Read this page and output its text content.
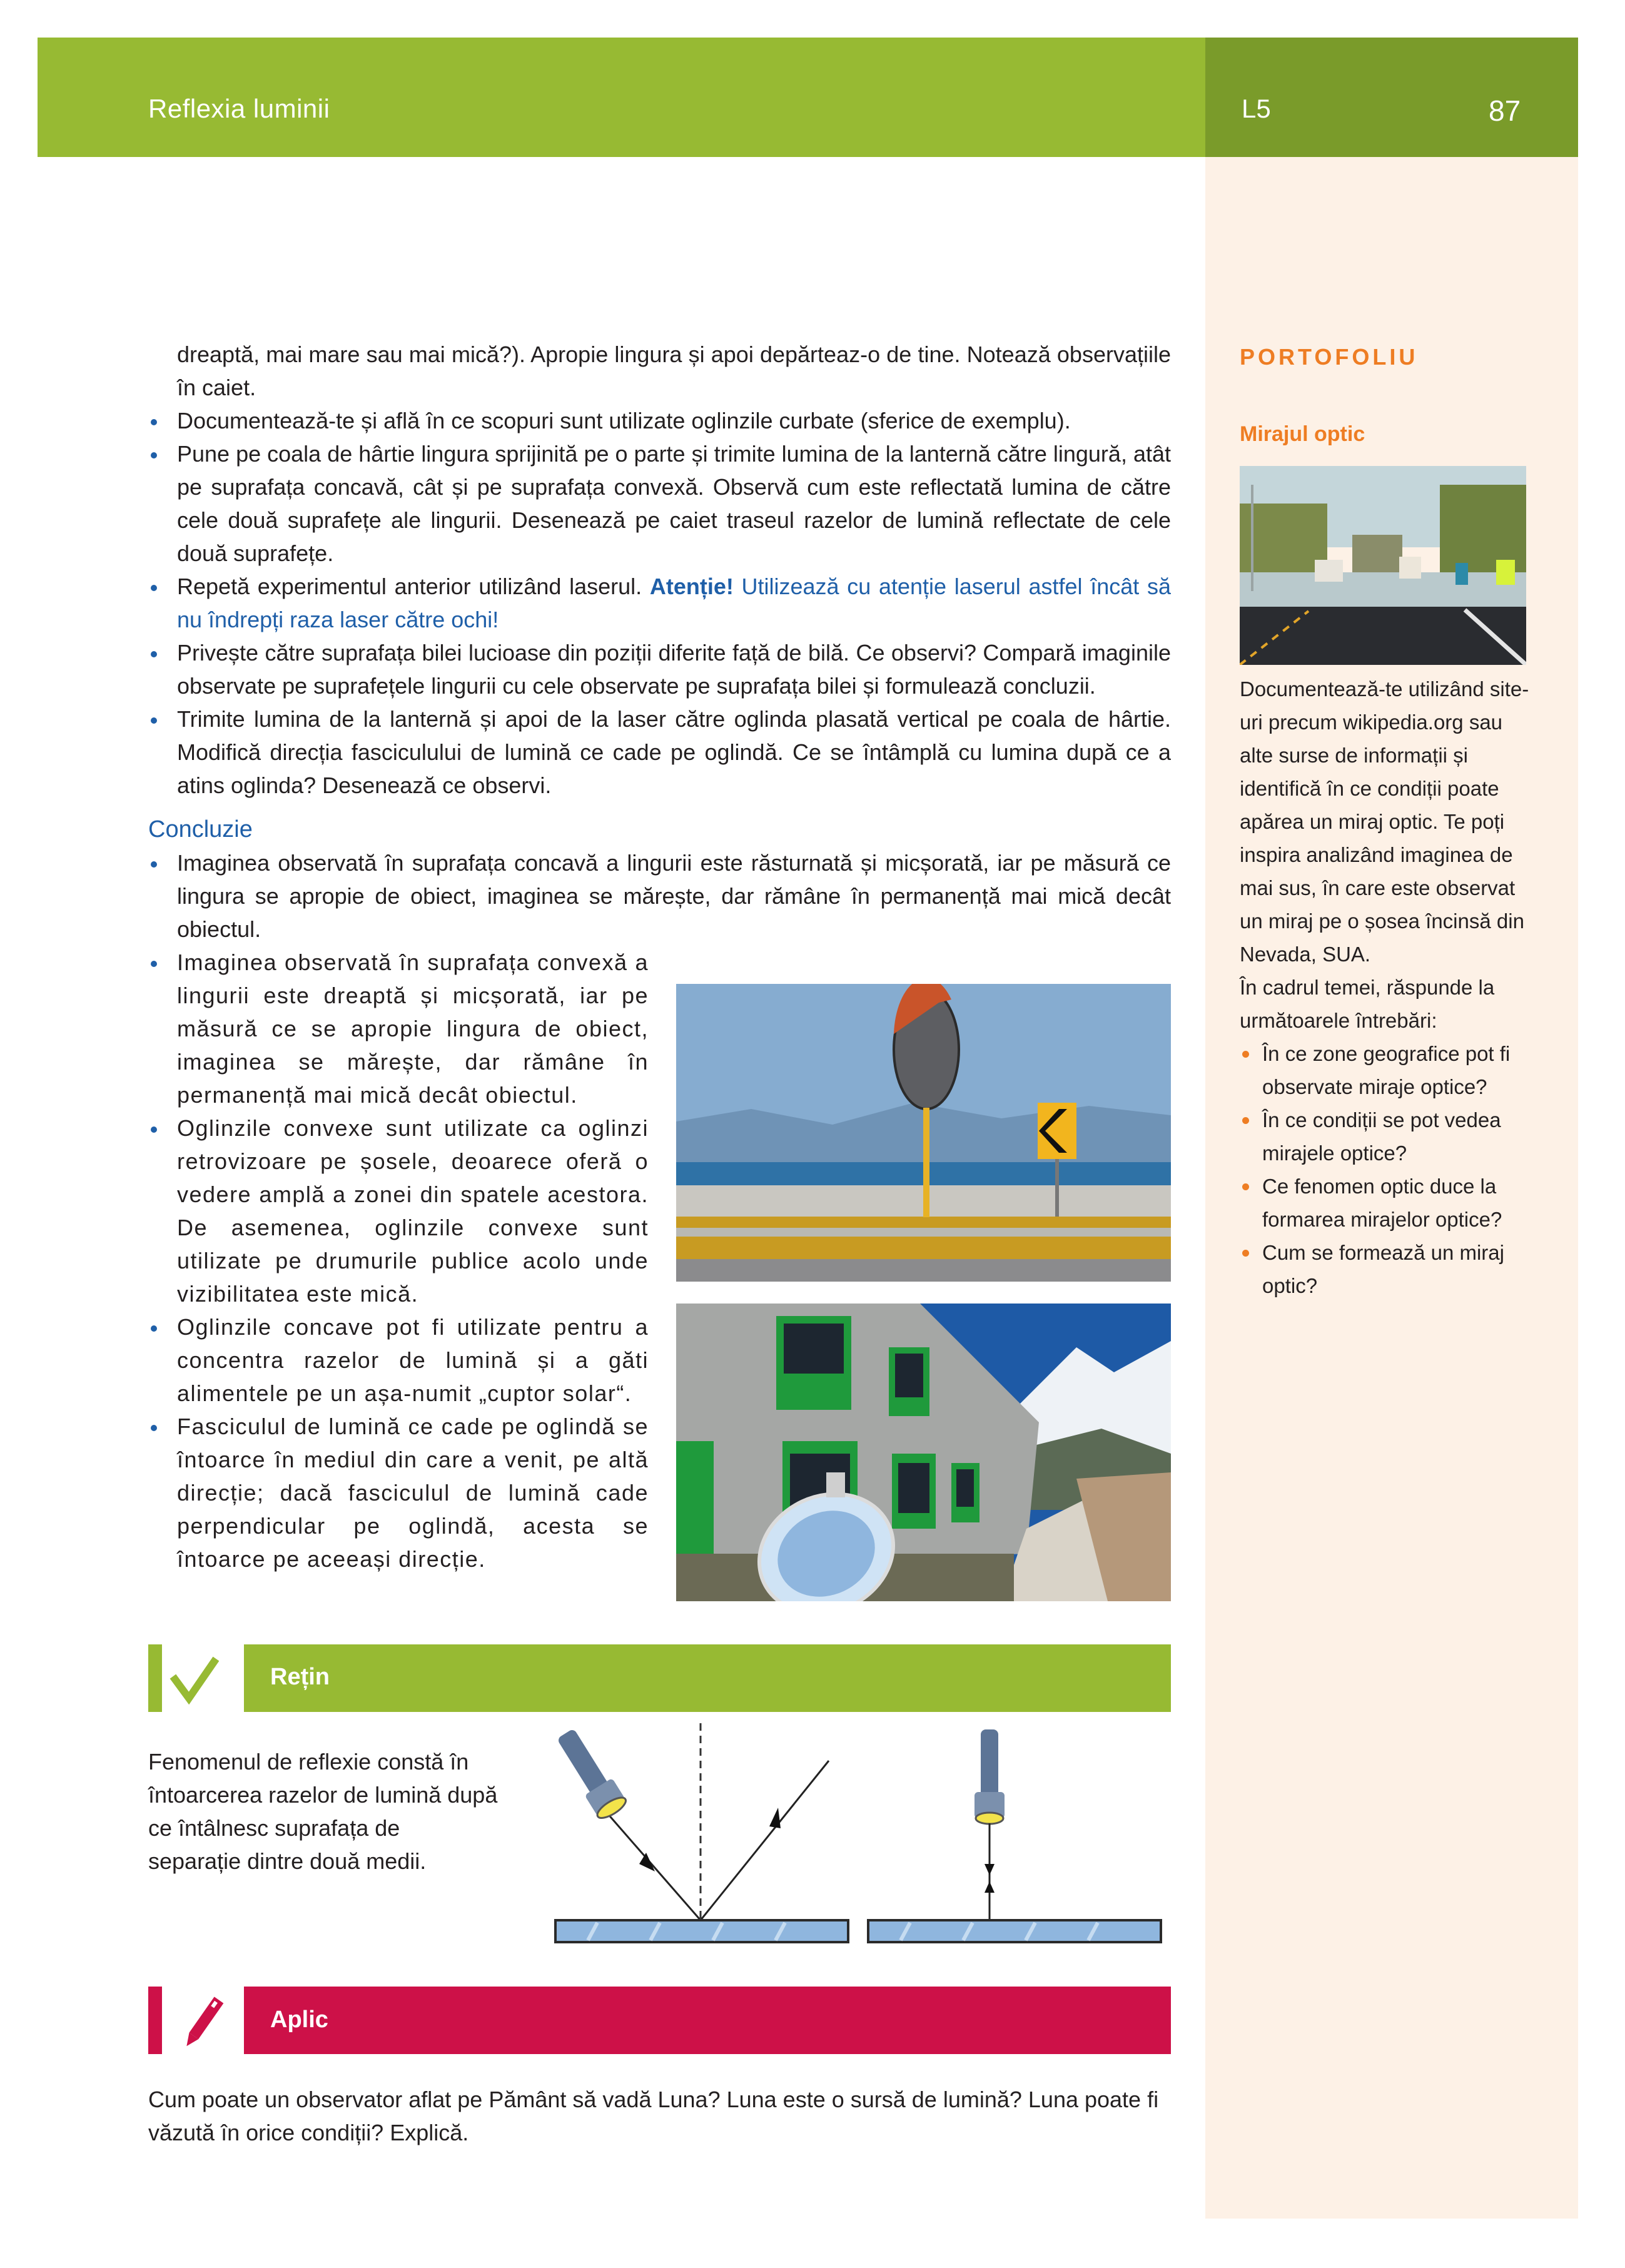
Reflexia luminii	L5	87
PORTOFOLIU
Mirajul optic

Documentează-te utilizând site-uri precum wikipedia.org sau alte surse de informații și identifică în ce condiții poate apărea un miraj optic. Te poți inspira analizând imaginea de mai sus, în care este observat un miraj pe o șosea încinsă din Nevada, SUA.

În cadrul temei, răspunde la următoarele întrebări:

În ce zone geografice pot fi observate miraje optice?
În ce condiții se pot vedea mirajele optice?
Ce fenomen optic duce la formarea mirajelor optice?
Cum se formează un miraj optic?

dreaptă, mai mare sau mai mică?). Apropie lingura și apoi depărteaz-o de tine. Notează observațiile în caiet.

Documentează-te și află în ce scopuri sunt utilizate oglinzile curbate (sferice de exemplu).
Pune pe coala de hârtie lingura sprijinită pe o parte și trimite lumina de la lanternă către lingură, atât pe suprafața concavă, cât și pe suprafața convexă. Observă cum este reflectată lumina de către cele două suprafețe ale lingurii. Desenează pe caiet traseul razelor de lumină reflectate de cele două suprafețe.
Repetă experimentul anterior utilizând laserul. Atenție! Utilizează cu atenție laserul astfel încât să nu îndrepți raza laser către ochi!
Privește către suprafața bilei lucioase din poziții diferite față de bilă. Ce observi? Compară imaginile observate pe suprafețele lingurii cu cele observate pe suprafața bilei și formulează concluzii.
Trimite lumina de la lanternă și apoi de la laser către oglinda plasată vertical pe coala de hârtie. Modifică direcția fasciculului de lumină ce cade pe oglindă. Ce se întâmplă cu lumina după ce a atins oglinda? Desenează ce observi.

Concluzie

Imaginea observată în suprafața concavă a lingurii este răsturnată și micșorată, iar pe măsură ce lingura se apropie de obiect, imaginea se mărește, dar rămâne în permanență mai mică decât obiectul.
Imaginea observată în suprafața convexă a lingurii este dreaptă și micșorată, iar pe măsură ce se apropie lingura de obiect, imaginea se mărește, dar rămâne în permanență mai mică decât obiectul.
Oglinzile convexe sunt utilizate ca oglinzi retrovizoare pe șosele, deoarece oferă o vedere amplă a zonei din spatele acestora. De asemenea, oglinzile convexe sunt utilizate pe drumurile publice acolo unde vizibilitatea este mică.
Oglinzile concave pot fi utilizate pentru a concentra razelor de lumină și a găti alimentele pe un așa-numit „cuptor solar“.
Fasciculul de lumină ce cade pe oglindă se întoarce în mediul din care a venit, pe altă direcție; dacă fasciculul de lumină cade perpendicular pe oglindă, acesta se întoarce pe aceeași direcție.
Rețin
Fenomenul de reflexie constă în întoarcerea razelor de lumină după ce întâlnesc suprafața de separație dintre două medii.
Aplic

Cum poate un observator aflat pe Pământ să vadă Luna? Luna este o sursă de lumină? Luna poate fi văzută în orice condiții? Explică.
